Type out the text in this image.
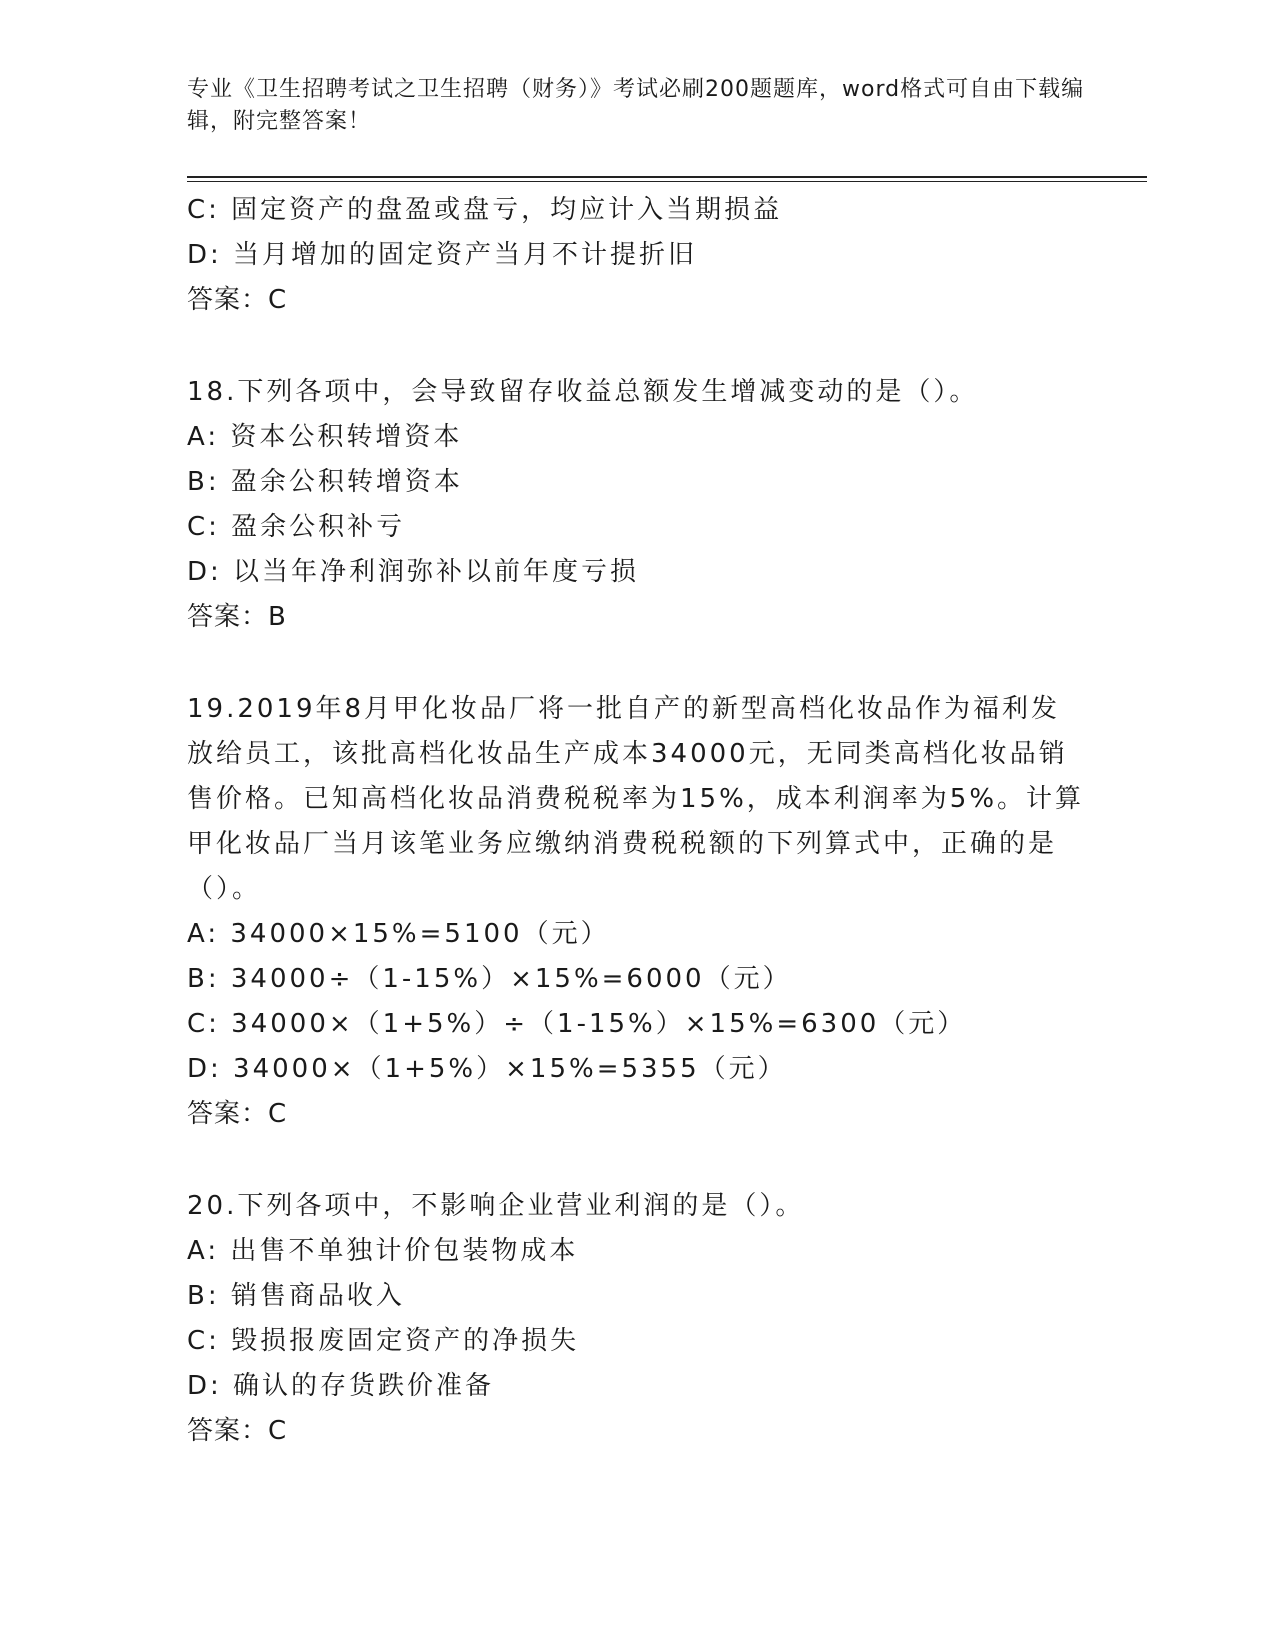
专业《卫生招聘考试之卫生招聘（财务）》考试必刷200题题库，word格式可自由下载编辑，附完整答案！
C: 固定资产的盘盈或盘亏，均应计入当期损益
D: 当月增加的固定资产当月不计提折旧
答案：C
18.下列各项中，会导致留存收益总额发生增减变动的是（）。
A: 资本公积转增资本
B: 盈余公积转增资本
C: 盈余公积补亏
D: 以当年净利润弥补以前年度亏损
答案：B
19.2019年8月甲化妆品厂将一批自产的新型高档化妆品作为福利发放给员工，该批高档化妆品生产成本34000元，无同类高档化妆品销售价格。已知高档化妆品消费税税率为15%，成本利润率为5%。计算甲化妆品厂当月该笔业务应缴纳消费税税额的下列算式中，正确的是（）。
A: 34000×15%=5100（元）
B: 34000÷（1-15%）×15%=6000（元）
C: 34000×（1+5%）÷（1-15%）×15%=6300（元）
D: 34000×（1+5%）×15%=5355（元）
答案：C
20.下列各项中，不影响企业营业利润的是（）。
A: 出售不单独计价包装物成本
B: 销售商品收入
C: 毁损报废固定资产的净损失
D: 确认的存货跌价准备
答案：C
